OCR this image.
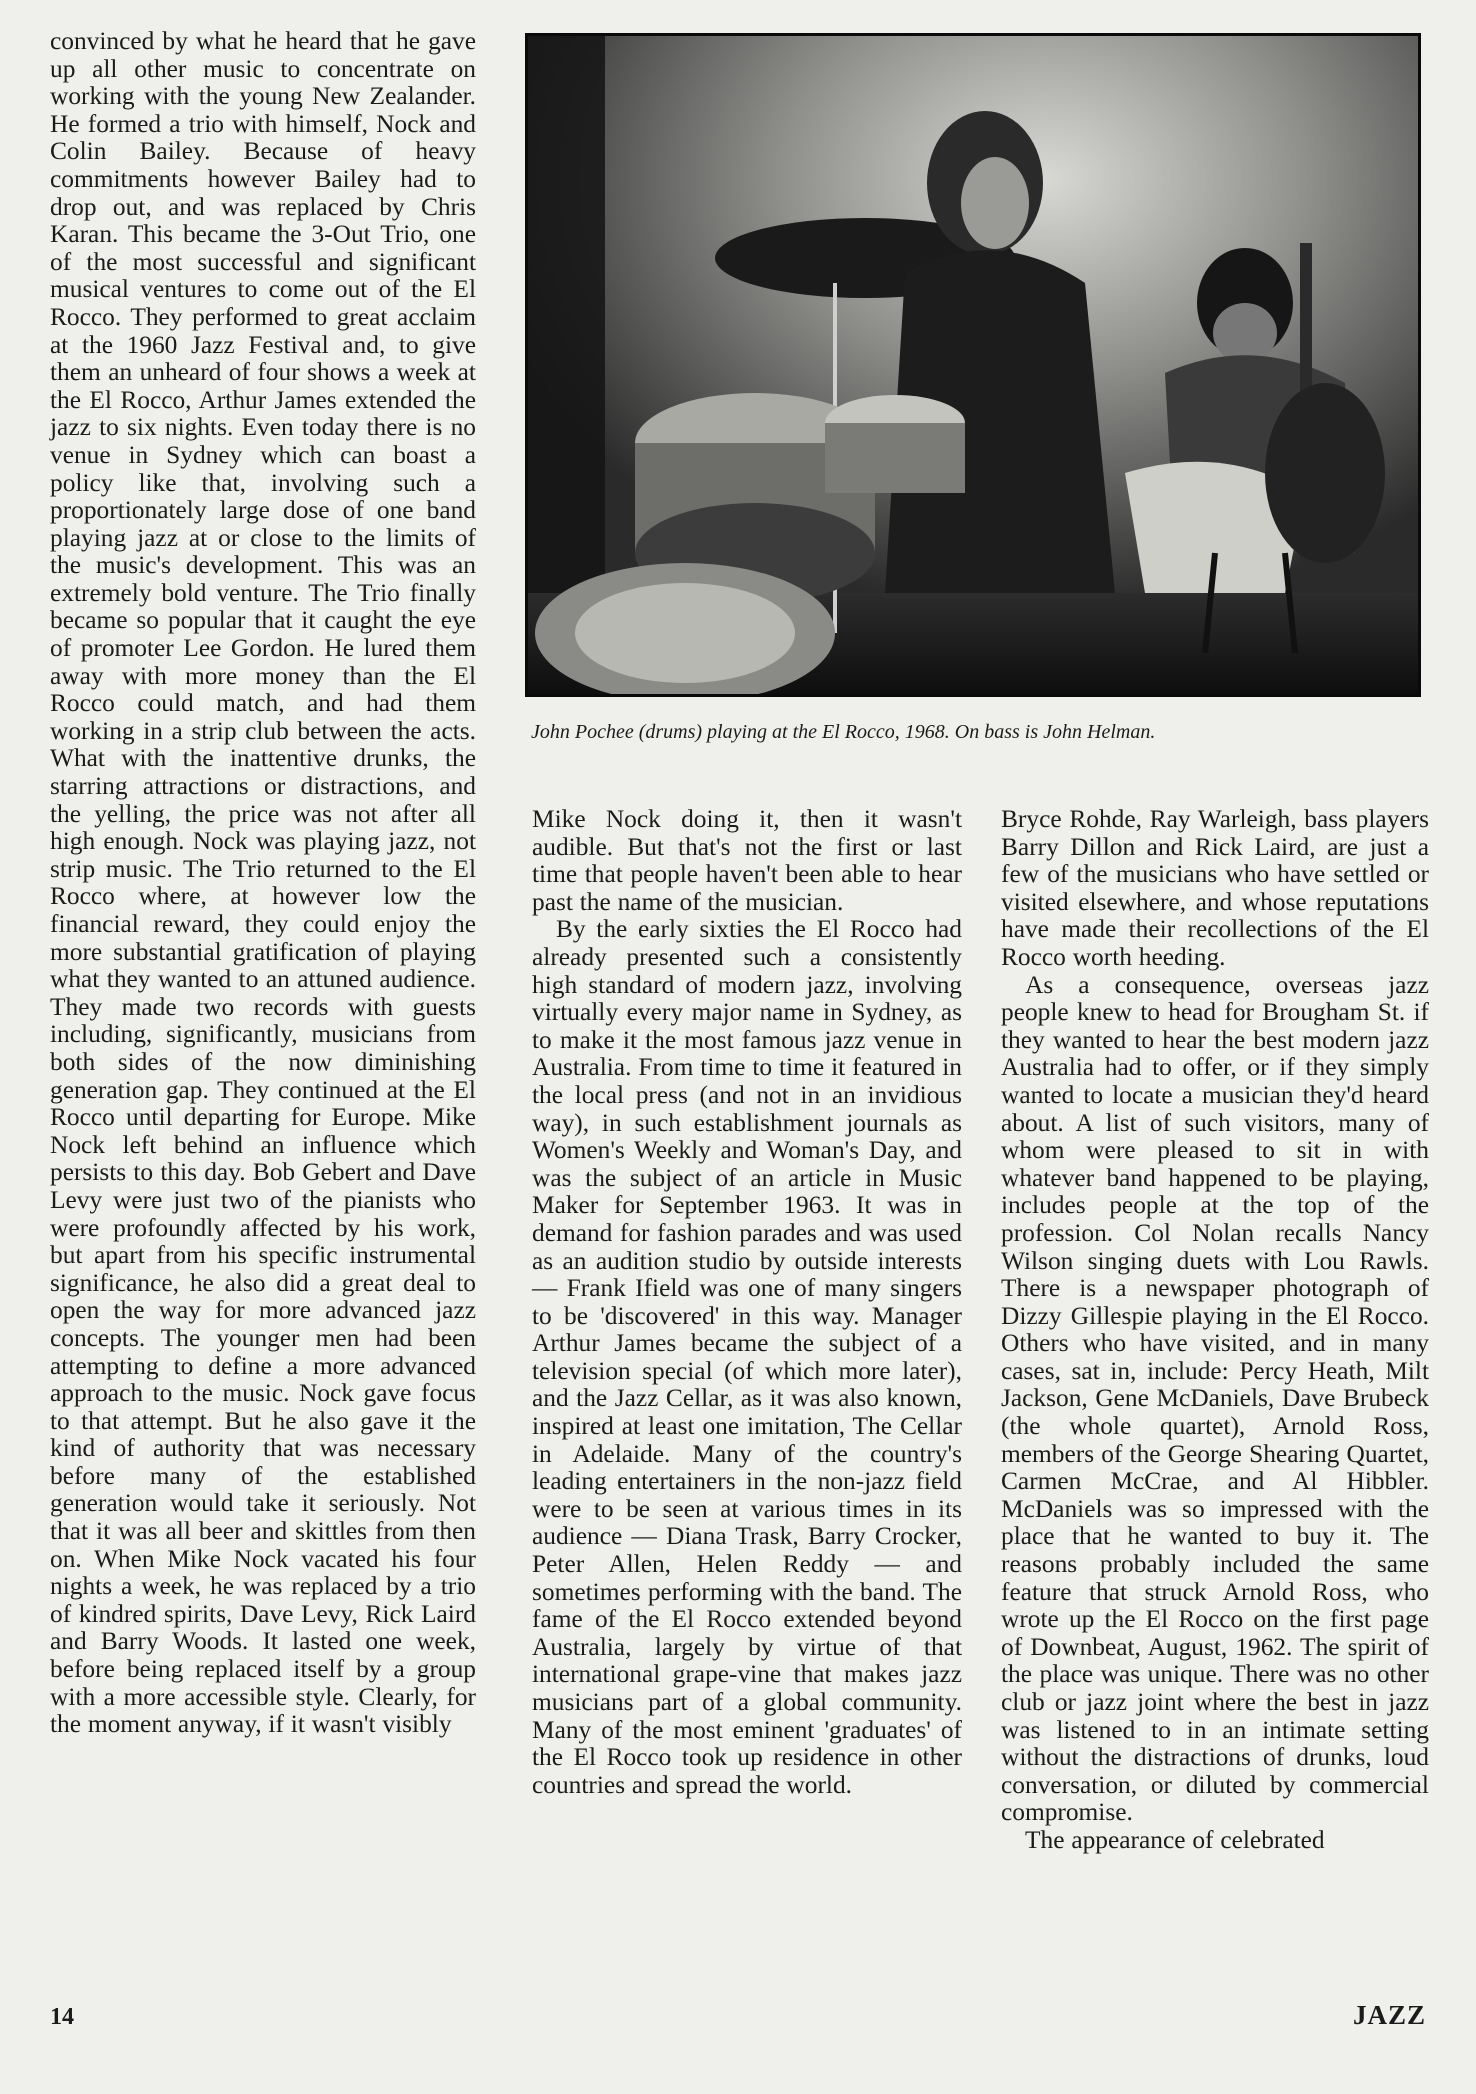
convinced by what he heard that he gave up all other music to concentrate on working with the young New Zealander. He formed a trio with himself, Nock and Colin Bailey. Because of heavy commitments however Bailey had to drop out, and was replaced by Chris Karan. This became the 3-Out Trio, one of the most successful and significant musical ventures to come out of the El Rocco. They performed to great acclaim at the 1960 Jazz Festival and, to give them an unheard of four shows a week at the El Rocco, Arthur James extended the jazz to six nights. Even today there is no venue in Sydney which can boast a policy like that, involving such a proportionately large dose of one band playing jazz at or close to the limits of the music's development. This was an extremely bold venture. The Trio finally became so popular that it caught the eye of promoter Lee Gordon. He lured them away with more money than the El Rocco could match, and had them working in a strip club between the acts. What with the inattentive drunks, the starring attractions or distractions, and the yelling, the price was not after all high enough. Nock was playing jazz, not strip music. The Trio returned to the El Rocco where, at however low the financial reward, they could enjoy the more substantial gratification of playing what they wanted to an attuned audience. They made two records with guests including, significantly, musicians from both sides of the now diminishing generation gap. They continued at the El Rocco until departing for Europe. Mike Nock left behind an influence which persists to this day. Bob Gebert and Dave Levy were just two of the pianists who were profoundly affected by his work, but apart from his specific instrumental significance, he also did a great deal to open the way for more advanced jazz concepts. The younger men had been attempting to define a more advanced approach to the music. Nock gave focus to that attempt. But he also gave it the kind of authority that was necessary before many of the established generation would take it seriously. Not that it was all beer and skittles from then on. When Mike Nock vacated his four nights a week, he was replaced by a trio of kindred spirits, Dave Levy, Rick Laird and Barry Woods. It lasted one week, before being replaced itself by a group with a more accessible style. Clearly, for the moment anyway, if it wasn't visibly

John Pochee (drums) playing at the El Rocco, 1968. On bass is John Helman.

Mike Nock doing it, then it wasn't audible. But that's not the first or last time that people haven't been able to hear past the name of the musician.

By the early sixties the El Rocco had already presented such a consistently high standard of modern jazz, involving virtually every major name in Sydney, as to make it the most famous jazz venue in Australia. From time to time it featured in the local press (and not in an invidious way), in such establishment journals as Women's Weekly and Woman's Day, and was the subject of an article in Music Maker for September 1963. It was in demand for fashion parades and was used as an audition studio by outside interests — Frank Ifield was one of many singers to be 'discovered' in this way. Manager Arthur James became the subject of a television special (of which more later), and the Jazz Cellar, as it was also known, inspired at least one imitation, The Cellar in Adelaide. Many of the country's leading entertainers in the non-jazz field were to be seen at various times in its audience — Diana Trask, Barry Crocker, Peter Allen, Helen Reddy — and sometimes performing with the band. The fame of the El Rocco extended beyond Australia, largely by virtue of that international grape-vine that makes jazz musicians part of a global community. Many of the most eminent 'graduates' of the El Rocco took up residence in other countries and spread the world.

Bryce Rohde, Ray Warleigh, bass players Barry Dillon and Rick Laird, are just a few of the musicians who have settled or visited elsewhere, and whose reputations have made their recollections of the El Rocco worth heeding.

As a consequence, overseas jazz people knew to head for Brougham St. if they wanted to hear the best modern jazz Australia had to offer, or if they simply wanted to locate a musician they'd heard about. A list of such visitors, many of whom were pleased to sit in with whatever band happened to be playing, includes people at the top of the profession. Col Nolan recalls Nancy Wilson singing duets with Lou Rawls. There is a newspaper photograph of Dizzy Gillespie playing in the El Rocco. Others who have visited, and in many cases, sat in, include: Percy Heath, Milt Jackson, Gene McDaniels, Dave Brubeck (the whole quartet), Arnold Ross, members of the George Shearing Quartet, Carmen McCrae, and Al Hibbler. McDaniels was so impressed with the place that he wanted to buy it. The reasons probably included the same feature that struck Arnold Ross, who wrote up the El Rocco on the first page of Downbeat, August, 1962. The spirit of the place was unique. There was no other club or jazz joint where the best in jazz was listened to in an intimate setting without the distractions of drunks, loud conversation, or diluted by commercial compromise.

The appearance of celebrated

14	JAZZ
